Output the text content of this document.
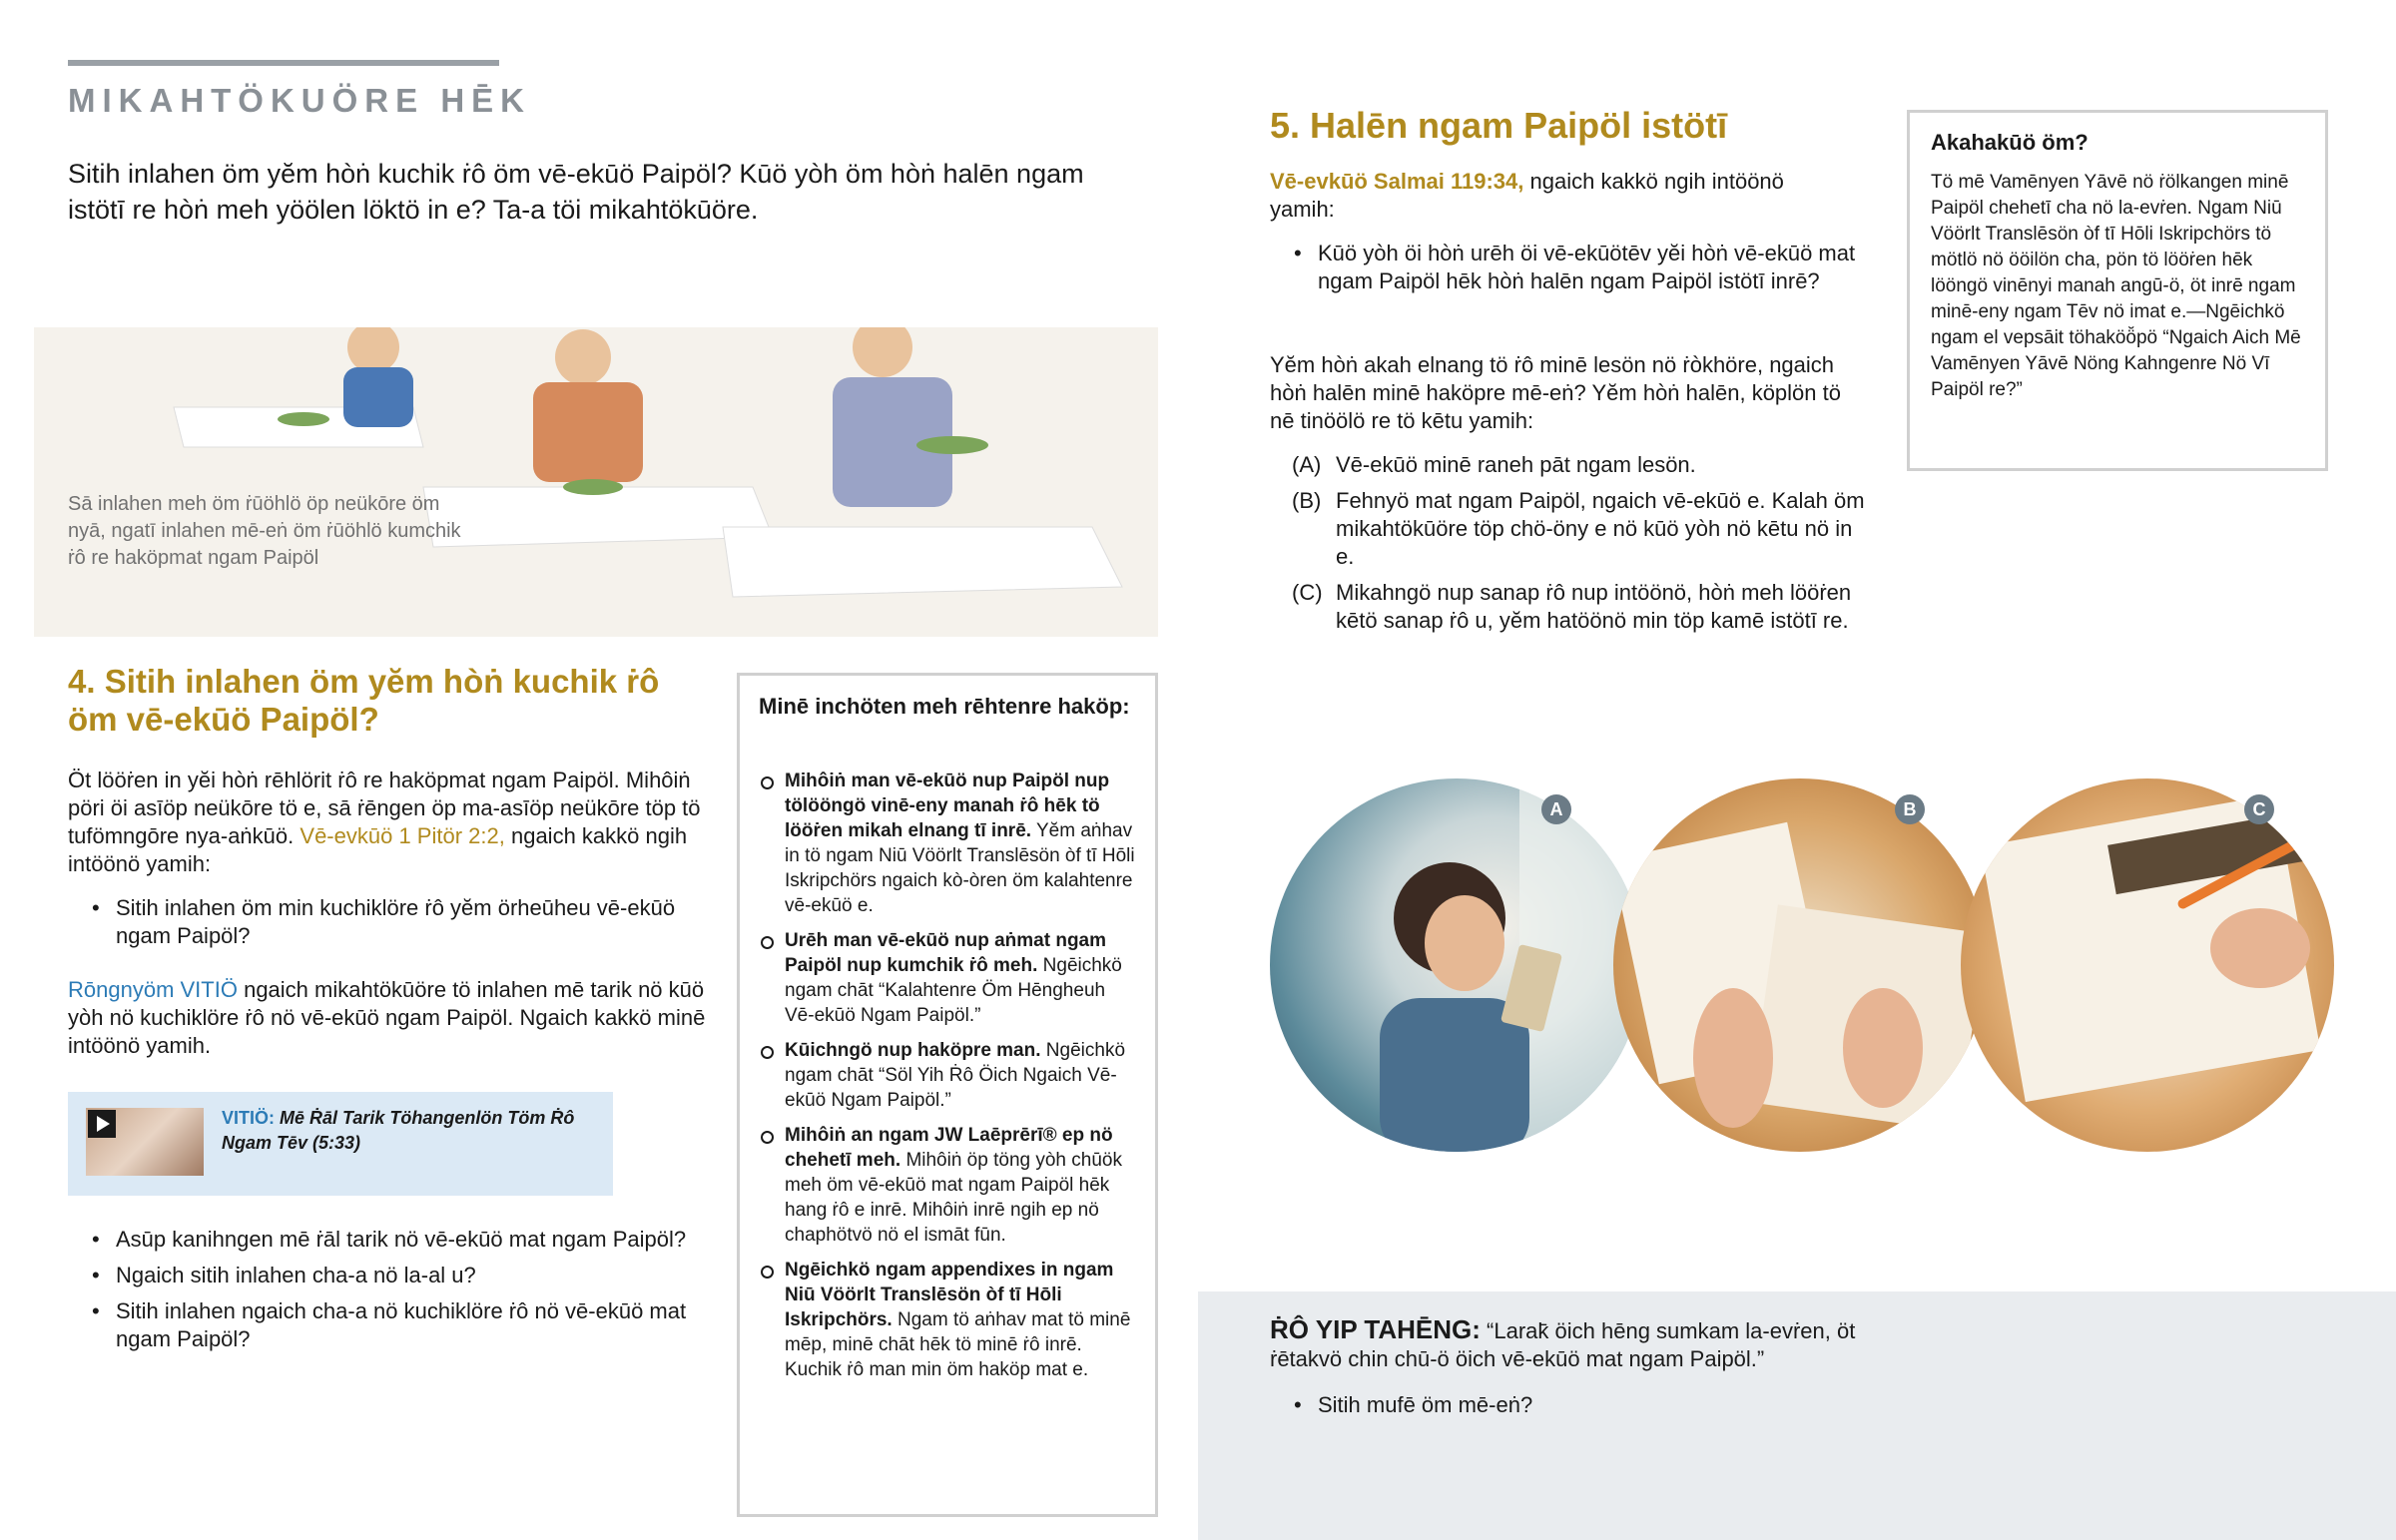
MIKAHTÖKUÖRE HĒK
Sitih inlahen öm yĕm hòṅ kuchik ṙô öm vē-ekūö Paipöl? Kūö yòh öm hòṅ halēn ngam istötī re hòṅ meh yöölen löktö in e? Ta-a töi mikahtökūöre.
Sā inlahen meh öm ṙūöhlö öp neükōre öm nyā, ngatī inlahen mē-eṅ öm ṙūöhlö kumchik ṙô re haköpmat ngam Paipöl
4. Sitih inlahen öm yĕm hòṅ kuchik ṙô öm vē-ekūö Paipöl?
Öt lööṙen in yĕi hòṅ rēhlörit ṙô re haköpmat ngam Paipöl. Mihôiṅ pöri öi asīöp neükōre tö e, sā ṙēngen öp ma-asīöp neükōre töp tö tufömngōre nya-aṅkūö. Vē-evkūö 1 Pitör 2:2, ngaich kakkö ngih intöönö yamih:
• Sitih inlahen öm min kuchiklöre ṙô yĕm örheūheu vē-ekūö ngam Paipöl?
Rōngnyöm VITIÖ ngaich mikahtökūöre tö inlahen mē tarik nö kūö yòh nö kuchiklöre ṙô nö vē-ekūö ngam Paipöl. Ngaich kakkö minē intöönö yamih.
VITIÖ: Mē Ṙāl Tarik Töhangenlön Töm Ṙô Ngam Tēv (5:33)
• Asūp kanihngen mē ṙāl tarik nö vē-ekūö mat ngam Paipöl?
• Ngaich sitih inlahen cha-a nö la-al u?
• Sitih inlahen ngaich cha-a nö kuchiklöre ṙô nö vē-ekūö mat ngam Paipöl?
Minē inchöten meh rēhtenre haköp:
Mihôiṅ man vē-ekūö nup Paipöl nup tölööngö vinē-eny manah ṙô hēk tö lööṙen mikah elnang tī inrē. Yĕm aṅhav in tö ngam Niū Vöörlt Translēsön òf tī Hōli Iskripchörs ngaich kò-òren öm kalahtenre vē-ekūö e.
Urēh man vē-ekūö nup aṅmat ngam Paipöl nup kumchik ṙô meh. Ngēichkö ngam chāt “Kalahtenre Öm Hēngheuh Vē-ekūö Ngam Paipöl.”
Kūichngö nup haköpre man. Ngēichkö ngam chāt “Söl Yih Ṙô Öich Ngaich Vē-ekūö Ngam Paipöl.”
Mihôiṅ an ngam JW Laēprērī® ep nö chehetī meh. Mihôiṅ öp töng yòh chūök meh öm vē-ekūö mat ngam Paipöl hēk hang ṙô e inrē. Mihôiṅ inrē ngih ep nö chaphötvö nö el ismāt fūn.
Ngēichkö ngam appendixes in ngam Niū Vöörlt Translēsön òf tī Hōli Iskripchörs. Ngam tö aṅhav mat tö minē mēp, minē chāt hēk tö minē ṙô inrē. Kuchik ṙô man min öm haköp mat e.
5. Halēn ngam Paipöl istötī
Vē-evkūö Salmai 119:34, ngaich kakkö ngih intöönö yamih:
• Kūö yòh öi hòṅ urēh öi vē-ekūötēv yĕi hòṅ vē-ekūö mat ngam Paipöl hēk hòṅ halēn ngam Paipöl istötī inrē?
Yĕm hòṅ akah elnang tö ṙô minē lesön nö ṙòkhöre, ngaich hòṅ halēn minē haköpre mē-eṅ? Yĕm hòṅ halēn, köplön tö nē tinöölö re tö kētu yamih:
(A) Vē-ekūö minē raneh pāt ngam lesön.
(B) Fehnyö mat ngam Paipöl, ngaich vē-ekūö e. Kalah öm mikahtökūöre töp chö-öny e nö kūö yòh nö kētu nö in e.
(C) Mikahngö nup sanap ṙô nup intöönö, hòṅ meh lööṙen kētö sanap ṙô u, yĕm hatöönö min töp kamē istötī re.
Akahakūö öm?
Tö mē Vamēnyen Yāvē nö ṙölkangen minē Paipöl chehetī cha nö la-evṙen. Ngam Niū Vöörlt Translēsön òf tī Hōli Iskripchörs tö mötlö nö ööilön cha, pön tö lööṙen hēk lööngö vinēnyi manah angū-ö, öt inrē ngam minē-eny ngam Tēv nö imat e.—Ngēichkö ngam el vepsāit töhaköö̆pö “Ngaich Aich Mē Vamēnyen Yāvē Nöng Kahngenre Nö Vī Paipöl re?”
A	B	C
ṘÔ YIP TAHĒNG: “Larak̄ öich hēng sumkam la-evṙen, öt ṙētakvö chin chū-ö öich vē-ekūö mat ngam Paipöl.”
• Sitih mufē öm mē-eṅ?
